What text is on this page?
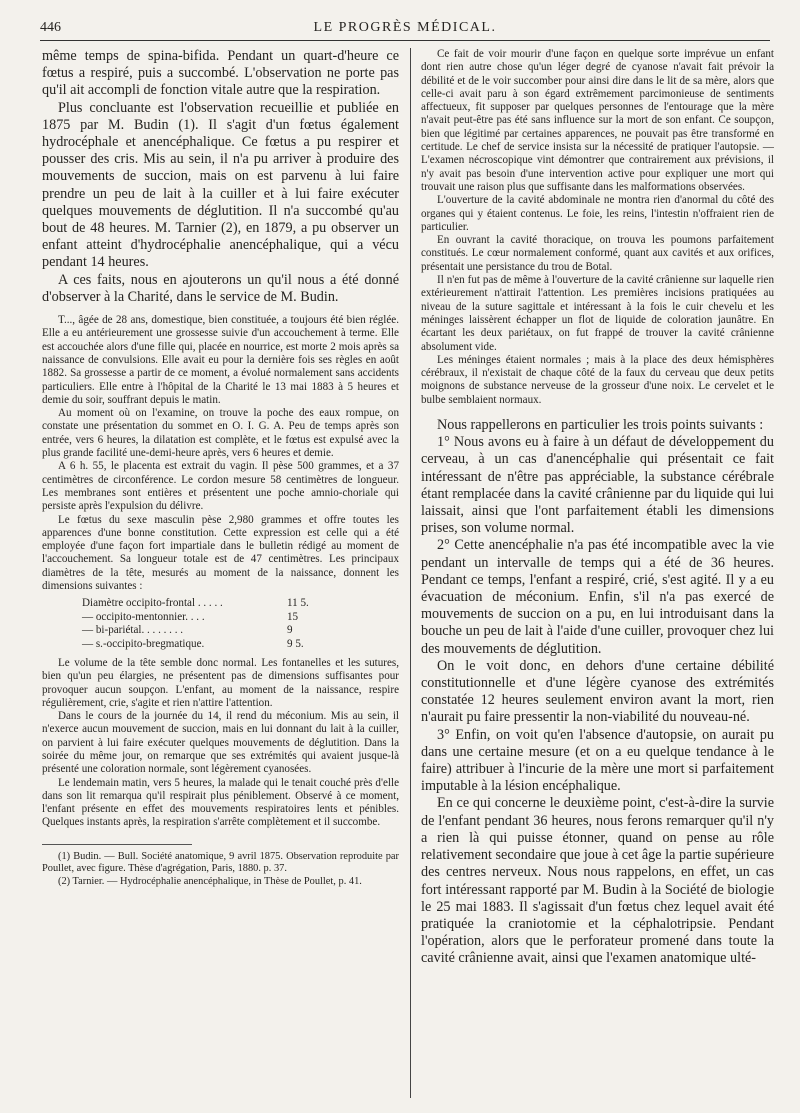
446	LE PROGRÈS MÉDICAL.

même temps de spina-bifida. Pendant un quart-d'heure ce fœtus a respiré, puis a succombé. L'observation ne porte pas qu'il ait accompli de fonction vitale autre que la respiration.

Plus concluante est l'observation recueillie et publiée en 1875 par M. Budin (1). Il s'agit d'un fœtus également hydrocéphale et anencéphalique. Ce fœtus a pu respirer et pousser des cris. Mis au sein, il n'a pu arriver à produire des mouvements de succion, mais on est parvenu à lui faire prendre un peu de lait à la cuiller et à lui faire exécuter quelques mouvements de déglutition. Il n'a succombé qu'au bout de 48 heures. M. Tarnier (2), en 1879, a pu observer un enfant atteint d'hydrocéphalie anencéphalique, qui a vécu pendant 14 heures.

A ces faits, nous en ajouterons un qu'il nous a été donné d'observer à la Charité, dans le service de M. Budin.

T..., âgée de 28 ans, domestique, bien constituée, a toujours été bien réglée. Elle a eu antérieurement une grossesse suivie d'un accouchement à terme. Elle est accouchée alors d'une fille qui, placée en nourrice, est morte 2 mois après sa naissance de convulsions. Elle avait eu pour la dernière fois ses règles en août 1882. Sa grossesse a partir de ce moment, a évolué normalement sans accidents particuliers. Elle entre à l'hôpital de la Charité le 13 mai 1883 à 5 heures et demie du soir, souffrant depuis le matin.

Au moment où on l'examine, on trouve la poche des eaux rompue, on constate une présentation du sommet en O. I. G. A. Peu de temps après son entrée, vers 6 heures, la dilatation est complète, et le fœtus est expulsé avec la plus grande facilité une-demi-heure après, vers 6 heures et demie.

A 6 h. 55, le placenta est extrait du vagin. Il pèse 500 grammes, et a 37 centimètres de circonférence. Le cordon mesure 58 centimètres de longueur. Les membranes sont entières et présentent une poche amnio-choriale qui persiste après l'expulsion du délivre.

Le fœtus du sexe masculin pèse 2,980 grammes et offre toutes les apparences d'une bonne constitution. Cette expression est celle qui a été employée d'une façon fort impartiale dans le bulletin rédigé au moment de l'accouchement. Sa longueur totale est de 47 centimètres. Les principaux diamètres de la tête, mesurés au moment de la naissance, donnent les dimensions suivantes :

Diamètre occipito-frontal . . . . .	11 5.
— occipito-mentonnier. . . .	15
— bi-pariétal. . . . . . . .	9
— s.-occipito-bregmatique.	9 5.

Le volume de la tête semble donc normal. Les fontanelles et les sutures, bien qu'un peu élargies, ne présentent pas de dimensions suffisantes pour provoquer aucun soupçon. L'enfant, au moment de la naissance, respire régulièrement, crie, s'agite et rien n'attire l'attention.

Dans le cours de la journée du 14, il rend du méconium. Mis au sein, il n'exerce aucun mouvement de succion, mais en lui donnant du lait à la cuiller, on parvient à lui faire exécuter quelques mouvements de déglutition. Dans la soirée du même jour, on remarque que ses extrémités qui avaient jusque-là présenté une coloration normale, sont légèrement cyanosées.

Le lendemain matin, vers 5 heures, la malade qui le tenait couché près d'elle dans son lit remarqua qu'il respirait plus péniblement. Observé à ce moment, l'enfant présente en effet des mouvements respiratoires lents et pénibles. Quelques instants après, la respiration s'arrête complètement et il succombe.

(1) Budin. — Bull. Société anatomique, 9 avril 1875. Observation reproduite par Poullet, avec figure. Thèse d'agrégation, Paris, 1880. p. 37.

(2) Tarnier. — Hydrocéphalie anencéphalique, in Thèse de Poullet, p. 41.

Ce fait de voir mourir d'une façon en quelque sorte imprévue un enfant dont rien autre chose qu'un léger degré de cyanose n'avait fait prévoir la débilité et de le voir succomber pour ainsi dire dans le lit de sa mère, alors que celle-ci avait paru à son égard extrêmement parcimonieuse de sentiments affectueux, fit supposer par quelques personnes de l'entourage que la mère n'avait peut-être pas été sans influence sur la mort de son enfant. Ce soupçon, bien que légitimé par certaines apparences, ne pouvait pas être transformé en certitude. Le chef de service insista sur la nécessité de pratiquer l'autopsie. — L'examen nécroscopique vint démontrer que contrairement aux prévisions, il n'y avait pas besoin d'une intervention active pour expliquer une mort qui trouvait une raison plus que suffisante dans les malformations observées.

L'ouverture de la cavité abdominale ne montra rien d'anormal du côté des organes qui y étaient contenus. Le foie, les reins, l'intestin n'offraient rien de particulier.

En ouvrant la cavité thoracique, on trouva les poumons parfaitement constitués. Le cœur normalement conformé, quant aux cavités et aux orifices, présentait une persistance du trou de Botal.

Il n'en fut pas de même à l'ouverture de la cavité crânienne sur laquelle rien extérieurement n'attirait l'attention. Les premières incisions pratiquées au niveau de la suture sagittale et intéressant à la fois le cuir chevelu et les méninges laissèrent échapper un flot de liquide de coloration jaunâtre. En écartant les deux pariétaux, on fut frappé de trouver la cavité crânienne absolument vide.

Les méninges étaient normales ; mais à la place des deux hémisphères cérébraux, il n'existait de chaque côté de la faux du cerveau que deux petits moignons de substance nerveuse de la grosseur d'une noix. Le cervelet et le bulbe semblaient normaux.

Nous rappellerons en particulier les trois points suivants :

1° Nous avons eu à faire à un défaut de développement du cerveau, à un cas d'anencéphalie qui présentait ce fait intéressant de n'être pas appréciable, la substance cérébrale étant remplacée dans la cavité crânienne par du liquide qui lui laissait, ainsi que l'ont parfaitement établi les dimensions prises, son volume normal.

2° Cette anencéphalie n'a pas été incompatible avec la vie pendant un intervalle de temps qui a été de 36 heures. Pendant ce temps, l'enfant a respiré, crié, s'est agité. Il y a eu évacuation de méconium. Enfin, s'il n'a pas exercé de mouvements de succion on a pu, en lui introduisant dans la bouche un peu de lait à l'aide d'une cuiller, provoquer chez lui des mouvements de déglutition.

On le voit donc, en dehors d'une certaine débilité constitutionnelle et d'une légère cyanose des extrémités constatée 12 heures seulement environ avant la mort, rien n'aurait pu faire pressentir la non-viabilité du nouveau-né.

3° Enfin, on voit qu'en l'absence d'autopsie, on aurait pu dans une certaine mesure (et on a eu quelque tendance à le faire) attribuer à l'incurie de la mère une mort si parfaitement imputable à la lésion encéphalique.

En ce qui concerne le deuxième point, c'est-à-dire la survie de l'enfant pendant 36 heures, nous ferons remarquer qu'il n'y a rien là qui puisse étonner, quand on pense au rôle relativement secondaire que joue à cet âge la partie supérieure des centres nerveux. Nous nous rappelons, en effet, un cas fort intéressant rapporté par M. Budin à la Société de biologie le 25 mai 1883. Il s'agissait d'un fœtus chez lequel avait été pratiquée la craniotomie et la céphalotripsie. Pendant l'opération, alors que le perforateur promené dans toute la cavité crânienne avait, ainsi que l'examen anatomique ulté-
